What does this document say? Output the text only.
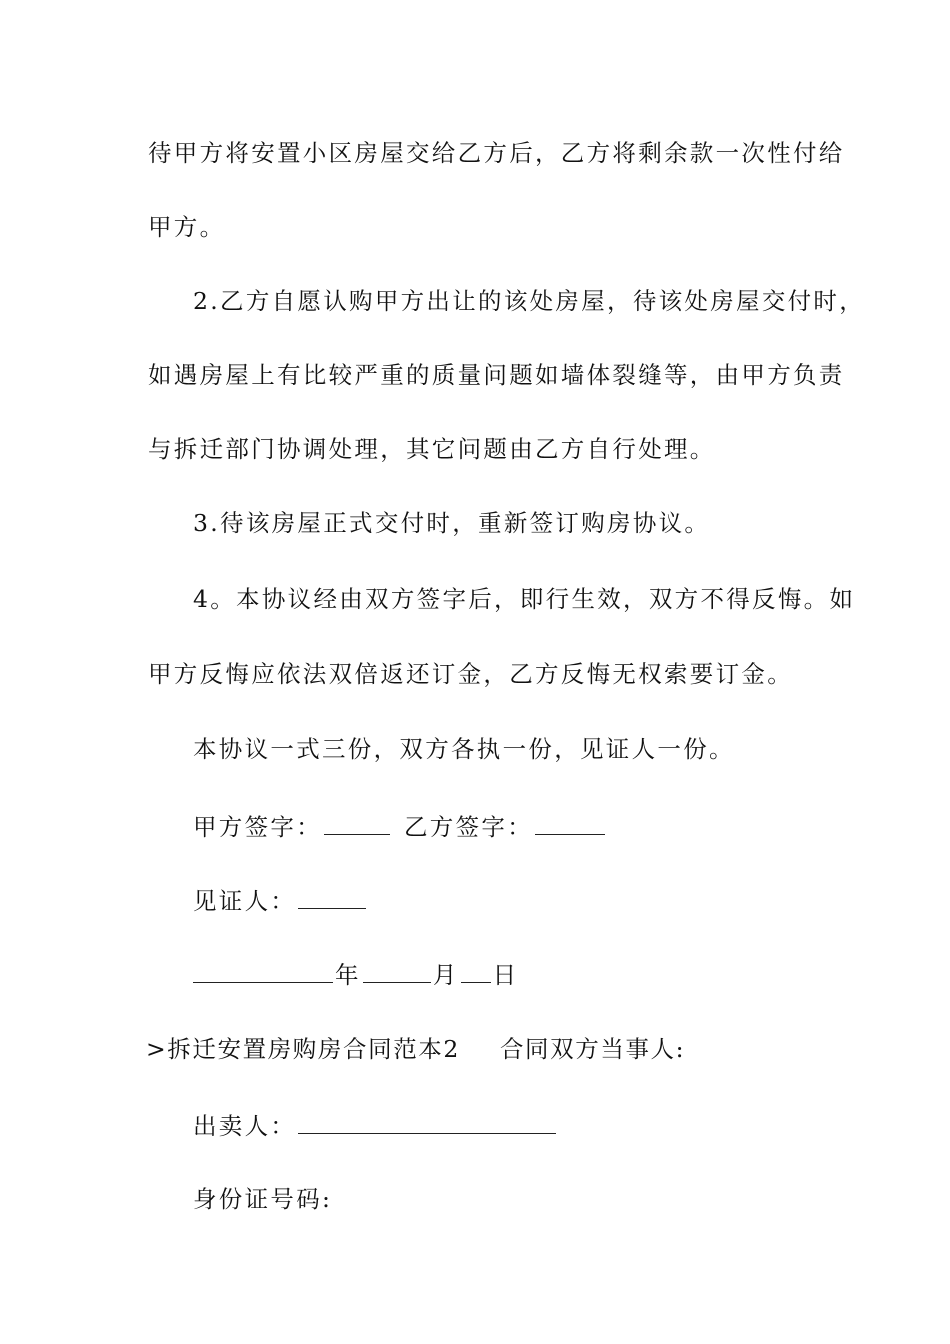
待甲方将安置小区房屋交给乙方后，乙方将剩余款一次性付给
甲方。
2.乙方自愿认购甲方出让的该处房屋，待该处房屋交付时，
如遇房屋上有比较严重的质量问题如墙体裂缝等，由甲方负责
与拆迁部门协调处理，其它问题由乙方自行处理。
3.待该房屋正式交付时，重新签订购房协议。
4。本协议经由双方签字后，即行生效，双方不得反悔。如
甲方反悔应依法双倍返还订金，乙方反悔无权索要订金。
本协议一式三份，双方各执一份，见证人一份。
甲方签字：	乙方签字：
见证人：
年	月 日
>拆迁安置房购房合同范本2 合同双方当事人:
出卖人：
身份证号码:
